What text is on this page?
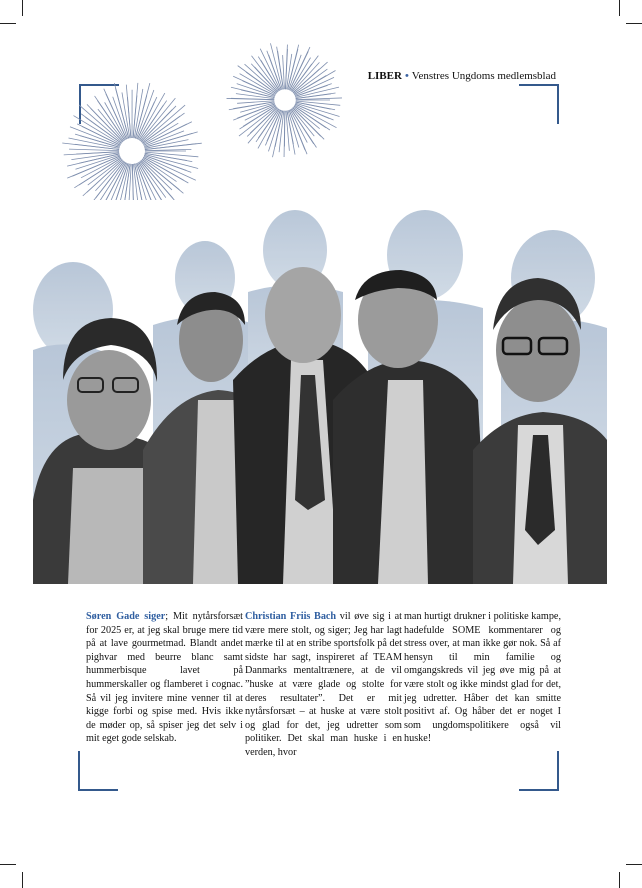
LIBER • Venstres Ungdoms medlemsblad
Søren Gade siger; Mit nytårsforsæt for 2025 er, at jeg skal bruge mere tid på at lave gourmetmad. Blandt andet pighvar med beurre blanc samt hummerbisque lavet på hummerskaller og flamberet i cognac. Så vil jeg invitere mine venner til at kigge forbi og spise med. Hvis ikke de møder op, så spiser jeg det selv i mit eget gode selskab.
Christian Friis Bach vil øve sig i at være mere stolt, og siger; Jeg har lagt mærke til at en stribe sportsfolk på det sidste har sagt, inspireret af TEAM Danmarks mentaltrænere, at de vil ”huske at være glade og stolte for deres resultater”. Det er mit nytårsforsæt – at huske at være stolt og glad for det, jeg udretter som politiker. Det skal man huske i en verden, hvor
man hurtigt drukner i politiske kampe, hadefulde SOME kommentarer og stress over, at man ikke gør nok. Så af hensyn til min familie og omgangskreds vil jeg øve mig på at være stolt og ikke mindst glad for det, jeg udretter. Håber det kan smitte positivt af. Og håber det er noget I som ungdomspolitikere også vil huske!
